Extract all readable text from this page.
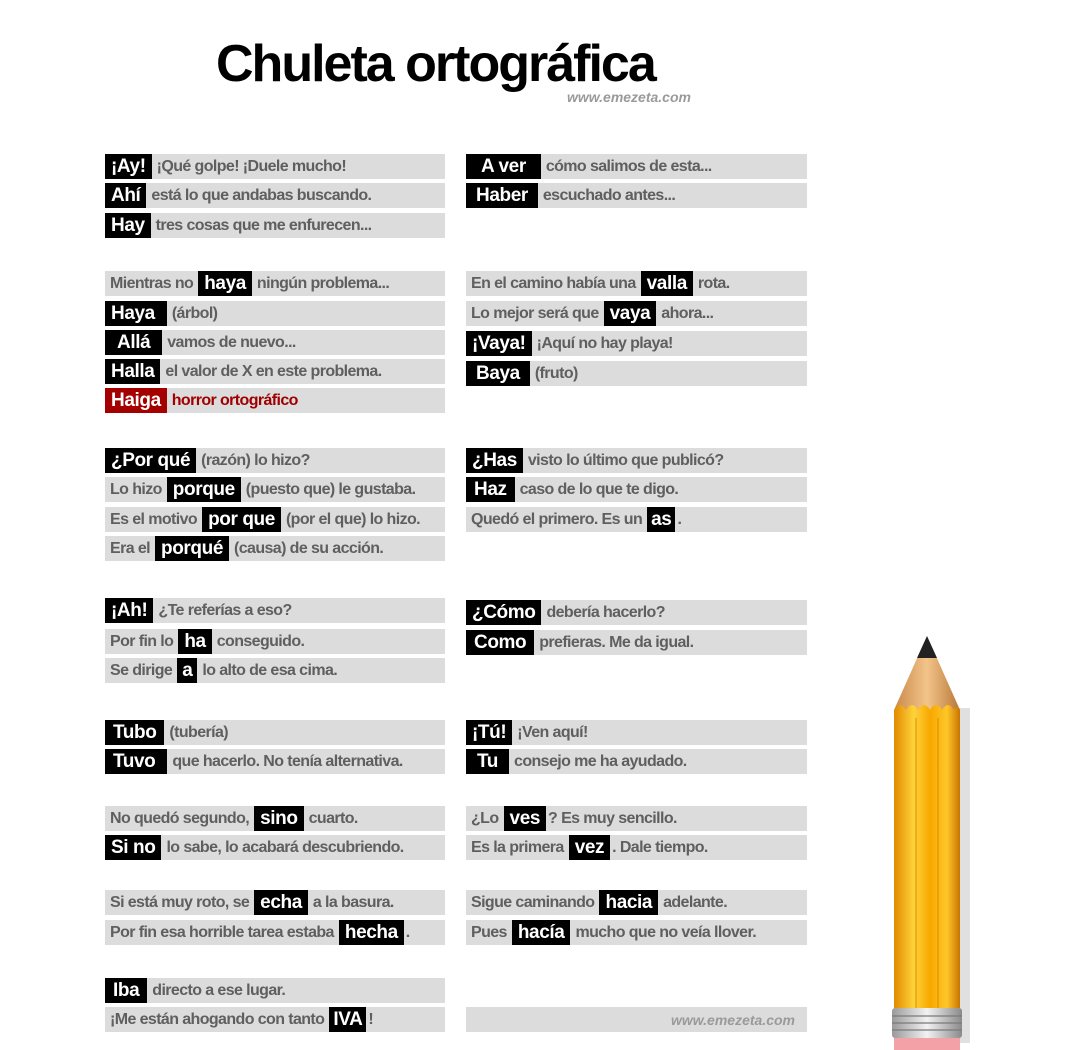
Chuleta ortográfica
www.emezeta.com
¡Ay! ¡Qué golpe! ¡Duele mucho!
Ahí está lo que andabas buscando.
Hay tres cosas que me enfurecen...
A ver	cómo salimos de esta...
Haber escuchado antes...
Mientras no haya ningún problema...
Haya	(árbol)
Allá	vamos de nuevo...
Halla el valor de X en este problema.
Haiga horror ortográfico
En el camino había una valla rota.
Lo mejor será que vaya ahora...
¡Vaya! ¡Aquí no hay playa!
Baya (fruto)
¿Por qué (razón) lo hizo?
Lo hizo porque (puesto que) le gustaba.
Es el motivo por que (por el que) lo hizo.
Era el porqué (causa) de su acción.
¿Has visto lo último que publicó?
Haz caso de lo que te digo.
Quedó el primero. Es un as .
¡Ah! ¿Te referías a eso?
Por fin lo ha conseguido.
Se dirige a lo alto de esa cima.
¿Cómo debería hacerlo?
Como prefieras. Me da igual.
Tubo (tubería)
Tuvo	que hacerlo. No tenía alternativa.
¡Tú! ¡Ven aquí!
Tu	consejo me ha ayudado.
No quedó segundo, sino cuarto.
Si no lo sabe, lo acabará descubriendo.
¿Lo ves ? Es muy sencillo.
Es la primera vez . Dale tiempo.
Si está muy roto, se echa a la basura.
Por fin esa horrible tarea estaba hecha .
Sigue caminando hacia adelante.
Pues hacía mucho que no veía llover.
Iba directo a ese lugar.
¡Me están ahogando con tanto IVA !	www.emezeta.com
